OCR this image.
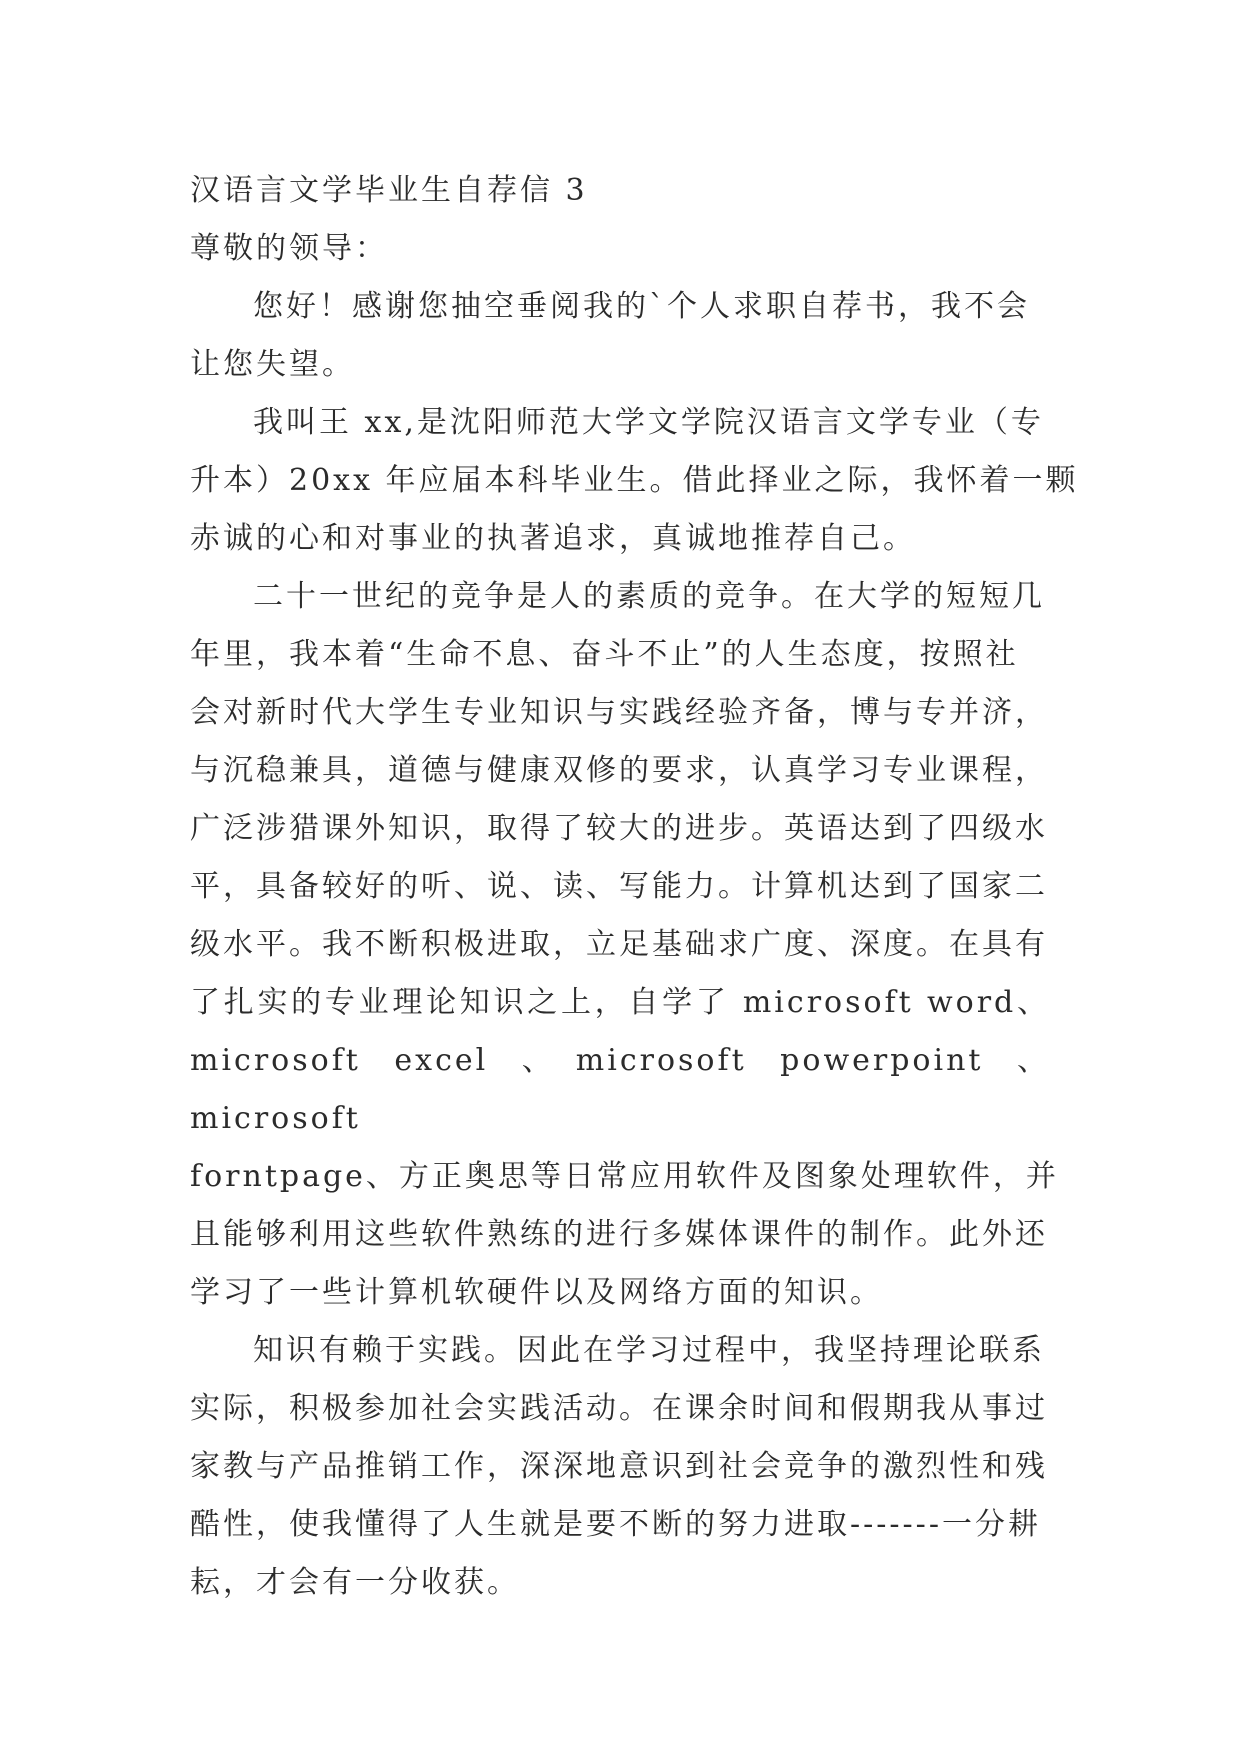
汉语言文学毕业生自荐信 3

尊敬的领导：

您好！感谢您抽空垂阅我的`个人求职自荐书，我不会

让您失望。

我叫王 xx,是沈阳师范大学文学院汉语言文学专业（专

升本）20xx 年应届本科毕业生。借此择业之际，我怀着一颗

赤诚的心和对事业的执著追求，真诚地推荐自己。

二十一世纪的竞争是人的素质的竞争。在大学的短短几

年里，我本着“生命不息、奋斗不止”的人生态度，按照社

会对新时代大学生专业知识与实践经验齐备，博与专并济，

与沉稳兼具，道德与健康双修的要求，认真学习专业课程，

广泛涉猎课外知识，取得了较大的进步。英语达到了四级水

平，具备较好的听、说、读、写能力。计算机达到了国家二

级水平。我不断积极进取，立足基础求广度、深度。在具有

了扎实的专业理论知识之上，自学了 microsoft word、

microsoft excel 、microsoft powerpoint 、microsoft

forntpage、方正奥思等日常应用软件及图象处理软件，并

且能够利用这些软件熟练的进行多媒体课件的制作。此外还

学习了一些计算机软硬件以及网络方面的知识。

知识有赖于实践。因此在学习过程中，我坚持理论联系

实际，积极参加社会实践活动。在课余时间和假期我从事过

家教与产品推销工作，深深地意识到社会竞争的激烈性和残

酷性，使我懂得了人生就是要不断的努力进取-------一分耕

耘，才会有一分收获。
